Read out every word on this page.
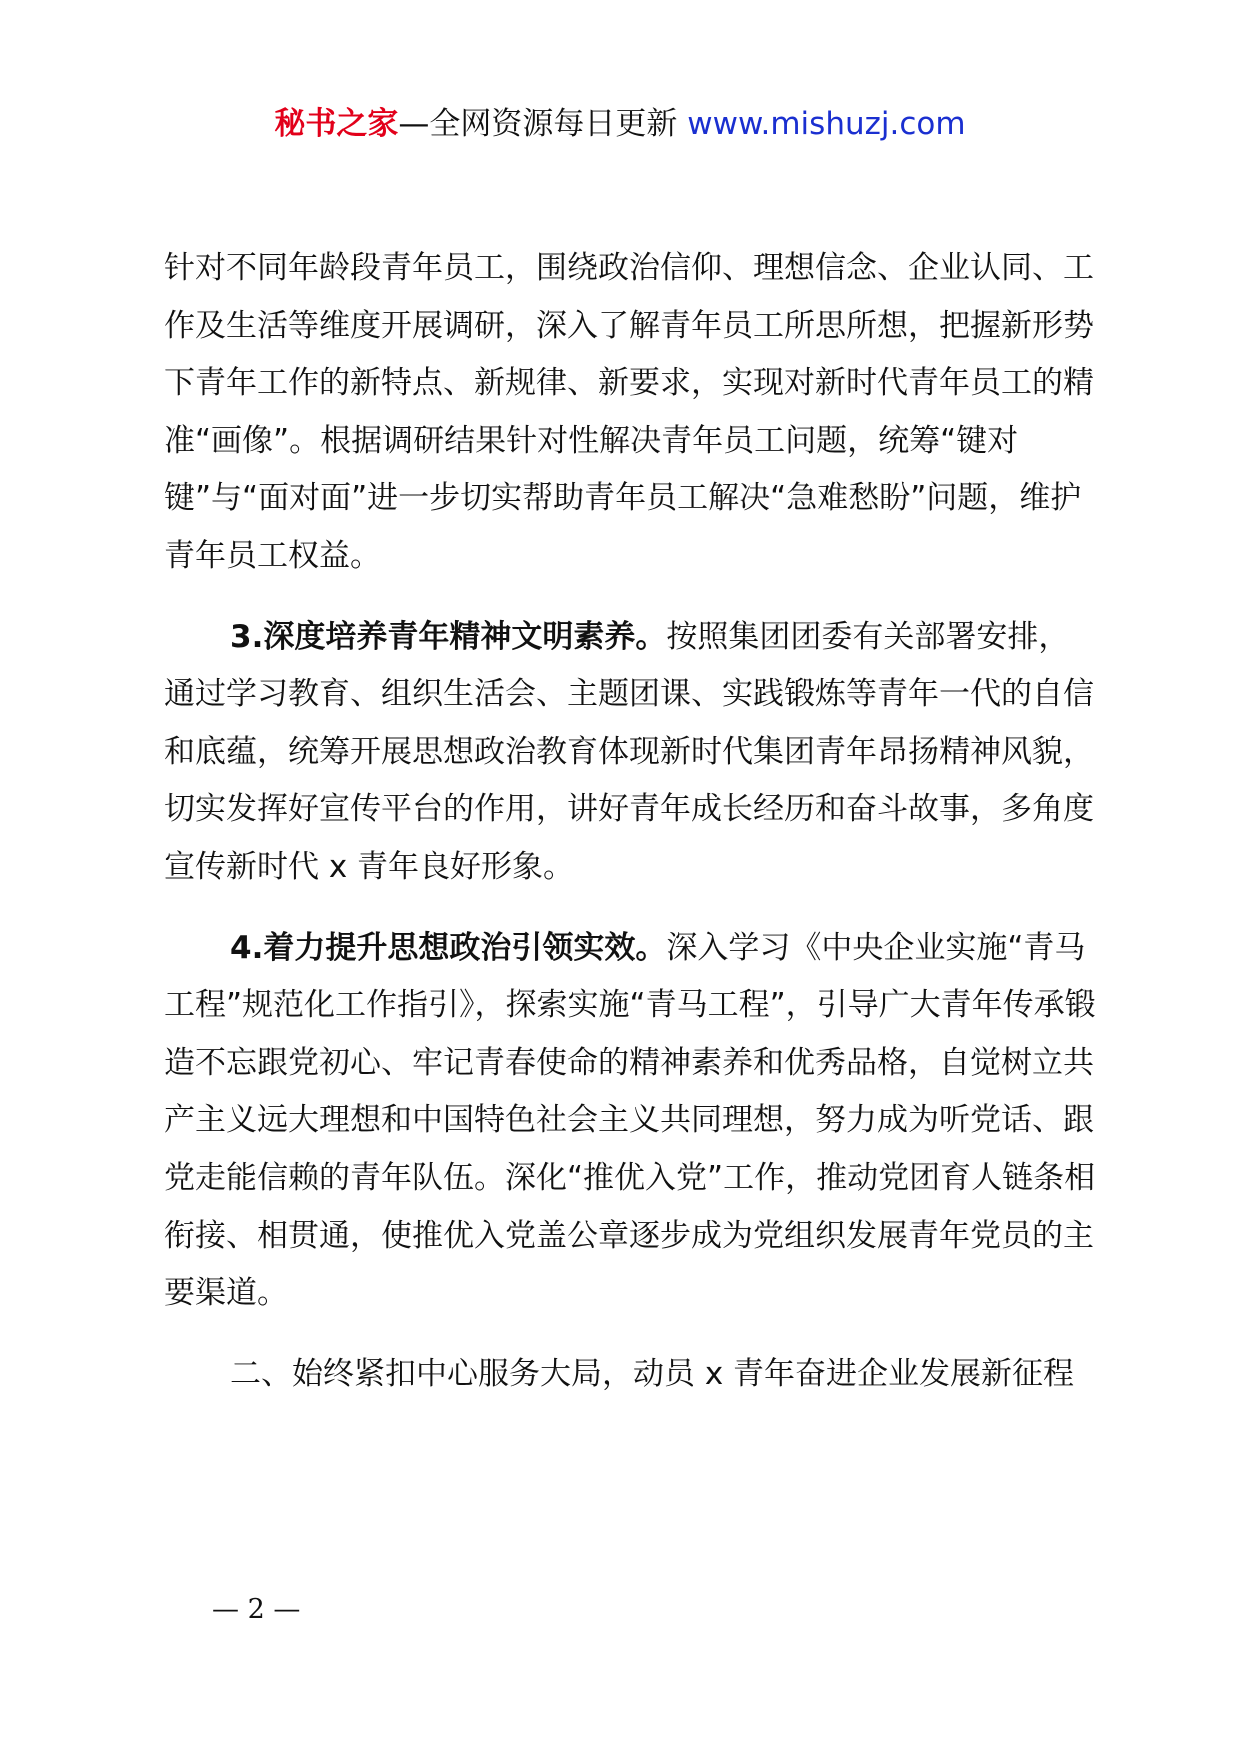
秘书之家—全网资源每日更新 www.mishuzj.com

针对不同年龄段青年员工，围绕政治信仰、理想信念、企业认同、工作及生活等维度开展调研，深入了解青年员工所思所想，把握新形势下青年工作的新特点、新规律、新要求，实现对新时代青年员工的精准“画像”。根据调研结果针对性解决青年员工问题，统筹“键对键”与“面对面”进一步切实帮助青年员工解决“急难愁盼”问题，维护青年员工权益。

3.深度培养青年精神文明素养。按照集团团委有关部署安排，通过学习教育、组织生活会、主题团课、实践锻炼等青年一代的自信和底蕴，统筹开展思想政治教育体现新时代集团青年昂扬精神风貌，切实发挥好宣传平台的作用，讲好青年成长经历和奋斗故事，多角度宣传新时代 x 青年良好形象。

4.着力提升思想政治引领实效。深入学习《中央企业实施“青马工程”规范化工作指引》，探索实施“青马工程”，引导广大青年传承锻造不忘跟党初心、牢记青春使命的精神素养和优秀品格，自觉树立共产主义远大理想和中国特色社会主义共同理想，努力成为听党话、跟党走能信赖的青年队伍。深化“推优入党”工作，推动党团育人链条相衔接、相贯通，使推优入党盖公章逐步成为党组织发展青年党员的主要渠道。

二、始终紧扣中心服务大局，动员 x 青年奋进企业发展新征程

— 2 —
